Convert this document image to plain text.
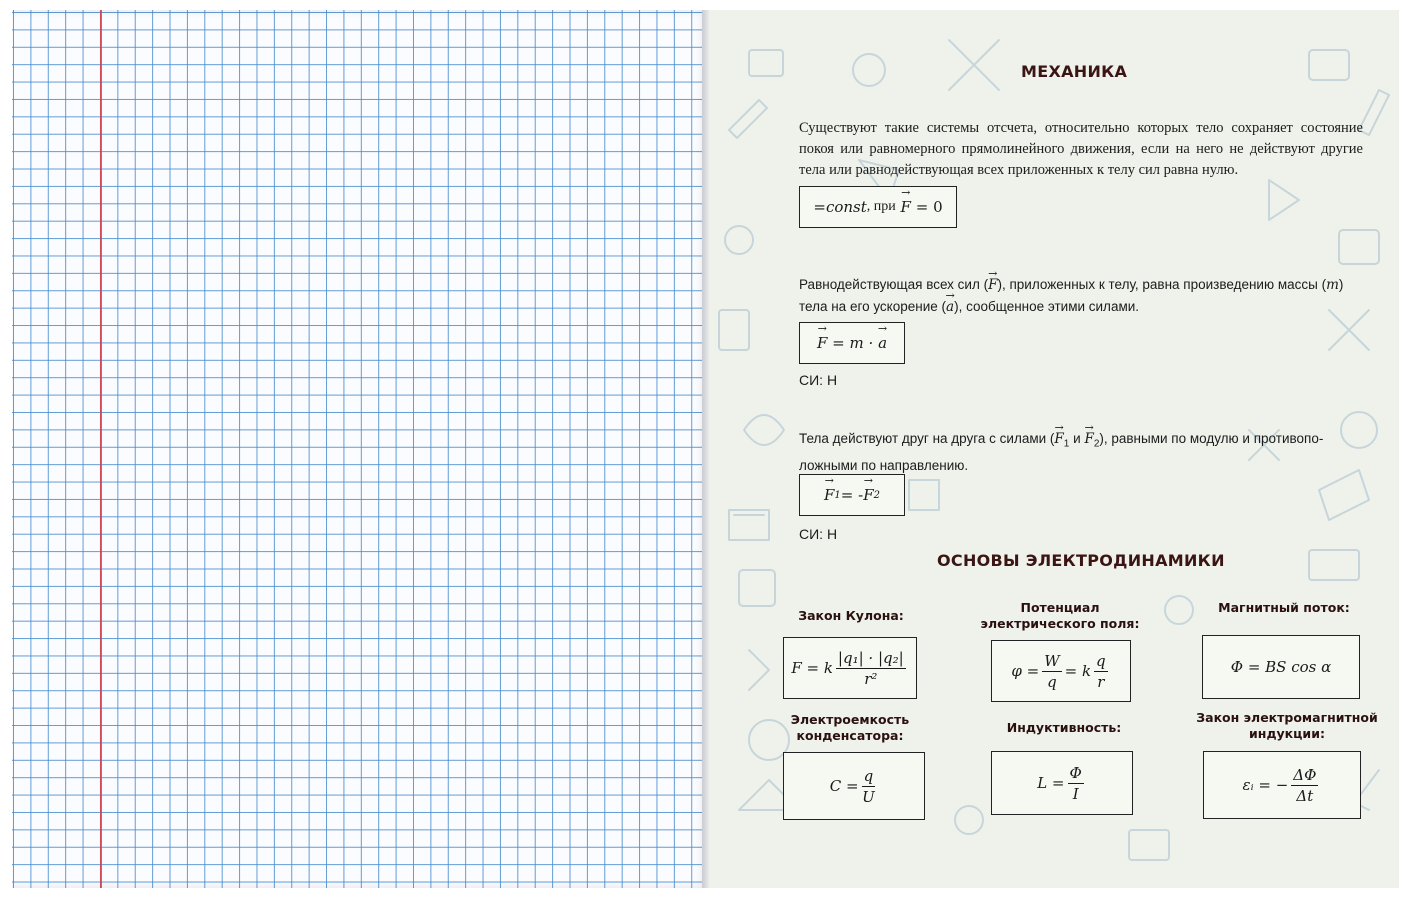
МЕХАНИКА
Существуют такие системы отсчета, относительно которых тело сохраняет состояние покоя или равномерного прямолинейного движения, если на него не действуют другие тела или равнодействующая всех приложенных к телу сил равна нулю.
=const , при
→ F
= 0
Равнодействующая всех сил (→ F), приложенных к телу, равна произведению массы (m)
тела на его ускорение (→ a), сообщенное этими силами.
→ F
= m ·
→ a
СИ: Н
Тела действуют друг на друга с силами (→ $F_1$ $и \to F_2$), равными по модулю и противопо-
ложными по направлению.
→ F 1 = - → F 2
СИ: Н
ОСНОВЫ ЭЛЕКТРОДИНАМИКИ
Закон Кулона:
F = k $\frac{\text{|q₁| · |q₂|}}{\text{r²}}$
Потенциал
электрического поля:
$\varphi = \frac{W}{q} = k \frac{q}{r}$
Магнитный поток:
Φ = BS cos α
Электроемкость
конденсатора:
$C = \frac{q}{U}$
Индуктивность:
$L = \frac{\Phi}{I}$
Закон электромагнитной
индукции:
εᵢ = − $\frac{\Delta\Phi}{\Delta t}$
